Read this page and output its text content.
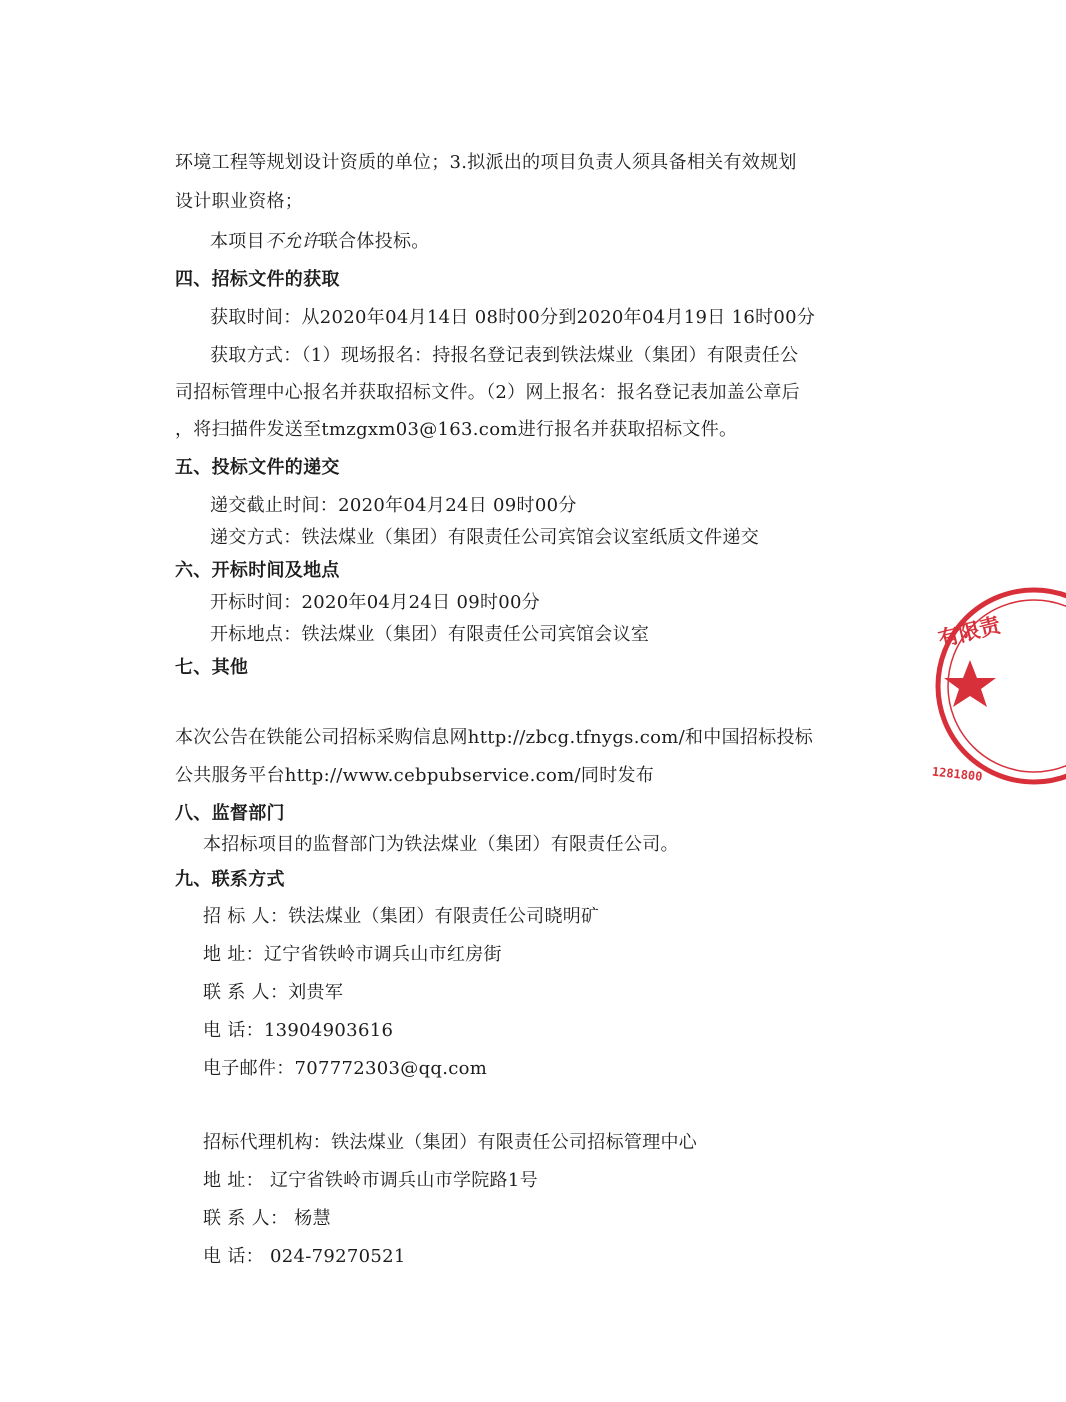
环境工程等规划设计资质的单位；3.拟派出的项目负责人须具备相关有效规划
设计职业资格；
本项目不允许联合体投标。
四、招标文件的获取
获取时间：从2020年04月14日 08时00分到2020年04月19日 16时00分
获取方式：（1）现场报名：持报名登记表到铁法煤业（集团）有限责任公
司招标管理中心报名并获取招标文件。（2）网上报名：报名登记表加盖公章后
，将扫描件发送至tmzgxm03@163.com进行报名并获取招标文件。
五、投标文件的递交
递交截止时间：2020年04月24日 09时00分
递交方式：铁法煤业（集团）有限责任公司宾馆会议室纸质文件递交
六、开标时间及地点
开标时间：2020年04月24日 09时00分
开标地点：铁法煤业（集团）有限责任公司宾馆会议室
七、其他
本次公告在铁能公司招标采购信息网http://zbcg.tfnygs.com/和中国招标投标
公共服务平台http://www.cebpubservice.com/同时发布
八、监督部门
本招标项目的监督部门为铁法煤业（集团）有限责任公司。
九、联系方式
招 标 人：铁法煤业（集团）有限责任公司晓明矿
地 址：辽宁省铁岭市调兵山市红房街
联 系 人：刘贵军
电 话：13904903616
电子邮件：707772303@qq.com
招标代理机构：铁法煤业（集团）有限责任公司招标管理中心
地 址： 辽宁省铁岭市调兵山市学院路1号
联 系 人： 杨慧
电 话： 024-79270521
有限责
1281800
